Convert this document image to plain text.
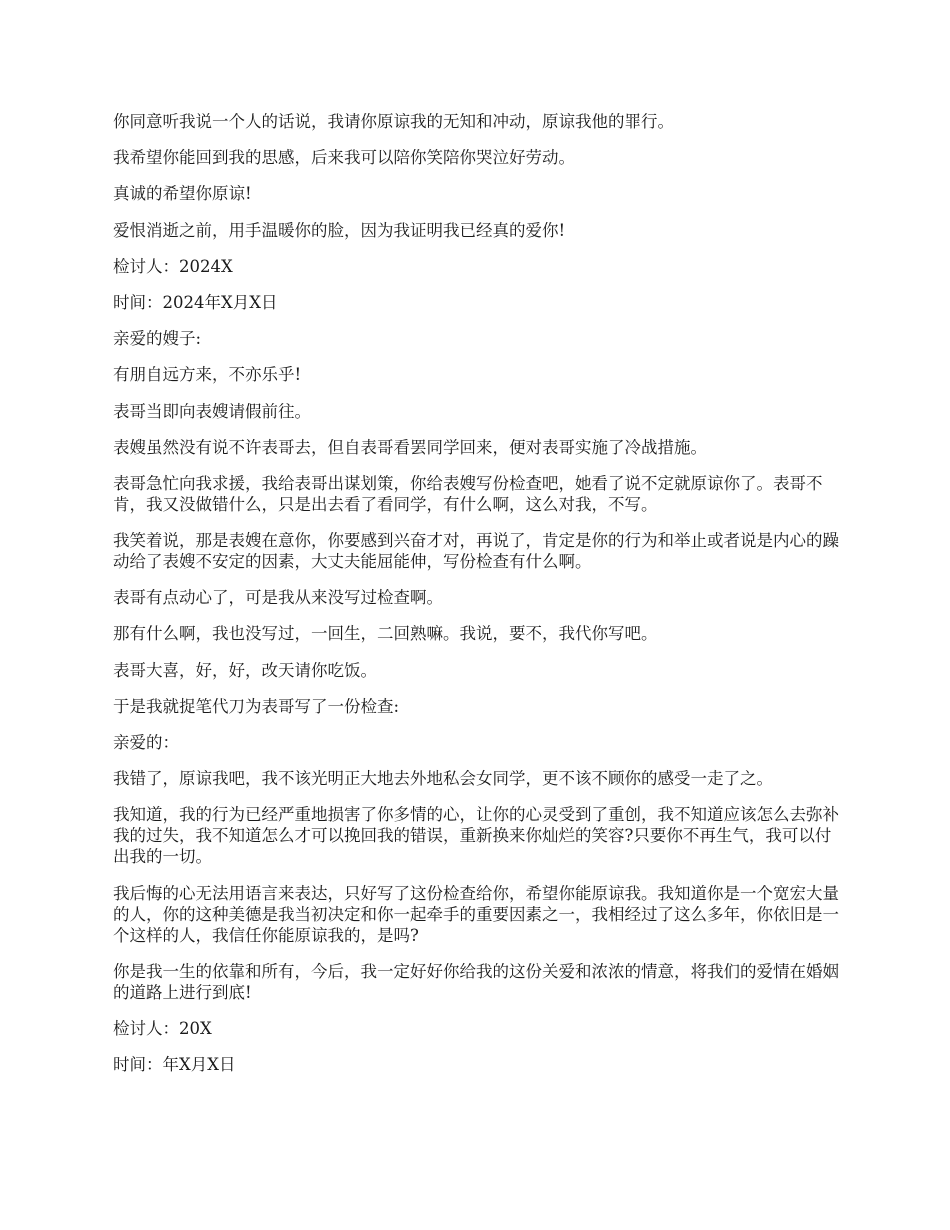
你同意听我说一个人的话说，我请你原谅我的无知和冲动，原谅我他的罪行。

我希望你能回到我的思感，后来我可以陪你笑陪你哭泣好劳动。

真诚的希望你原谅!

爱恨消逝之前，用手温暖你的脸，因为我证明我已经真的爱你!

检讨人：2024X

时间：2024年X月X日

亲爱的嫂子:

有朋自远方来，不亦乐乎!

表哥当即向表嫂请假前往。

表嫂虽然没有说不许表哥去，但自表哥看罢同学回来，便对表哥实施了冷战措施。

表哥急忙向我求援，我给表哥出谋划策，你给表嫂写份检查吧，她看了说不定就原谅你了。表哥不肯，我又没做错什么，只是出去看了看同学，有什么啊，这么对我，不写。

我笑着说，那是表嫂在意你，你要感到兴奋才对，再说了，肯定是你的行为和举止或者说是内心的躁动给了表嫂不安定的因素，大丈夫能屈能伸，写份检查有什么啊。

表哥有点动心了，可是我从来没写过检查啊。

那有什么啊，我也没写过，一回生，二回熟嘛。我说，要不，我代你写吧。

表哥大喜，好，好，改天请你吃饭。

于是我就捉笔代刀为表哥写了一份检查:

亲爱的：

我错了，原谅我吧，我不该光明正大地去外地私会女同学，更不该不顾你的感受一走了之。

我知道，我的行为已经严重地损害了你多情的心，让你的心灵受到了重创，我不知道应该怎么去弥补我的过失，我不知道怎么才可以挽回我的错误，重新换来你灿烂的笑容?只要你不再生气，我可以付出我的一切。

我后悔的心无法用语言来表达，只好写了这份检查给你，希望你能原谅我。我知道你是一个宽宏大量的人，你的这种美德是我当初决定和你一起牵手的重要因素之一，我相经过了这么多年，你依旧是一个这样的人，我信任你能原谅我的，是吗?

你是我一生的依靠和所有，今后，我一定好好你给我的这份关爱和浓浓的情意，将我们的爱情在婚姻的道路上进行到底!

检讨人：20X

时间：年X月X日
